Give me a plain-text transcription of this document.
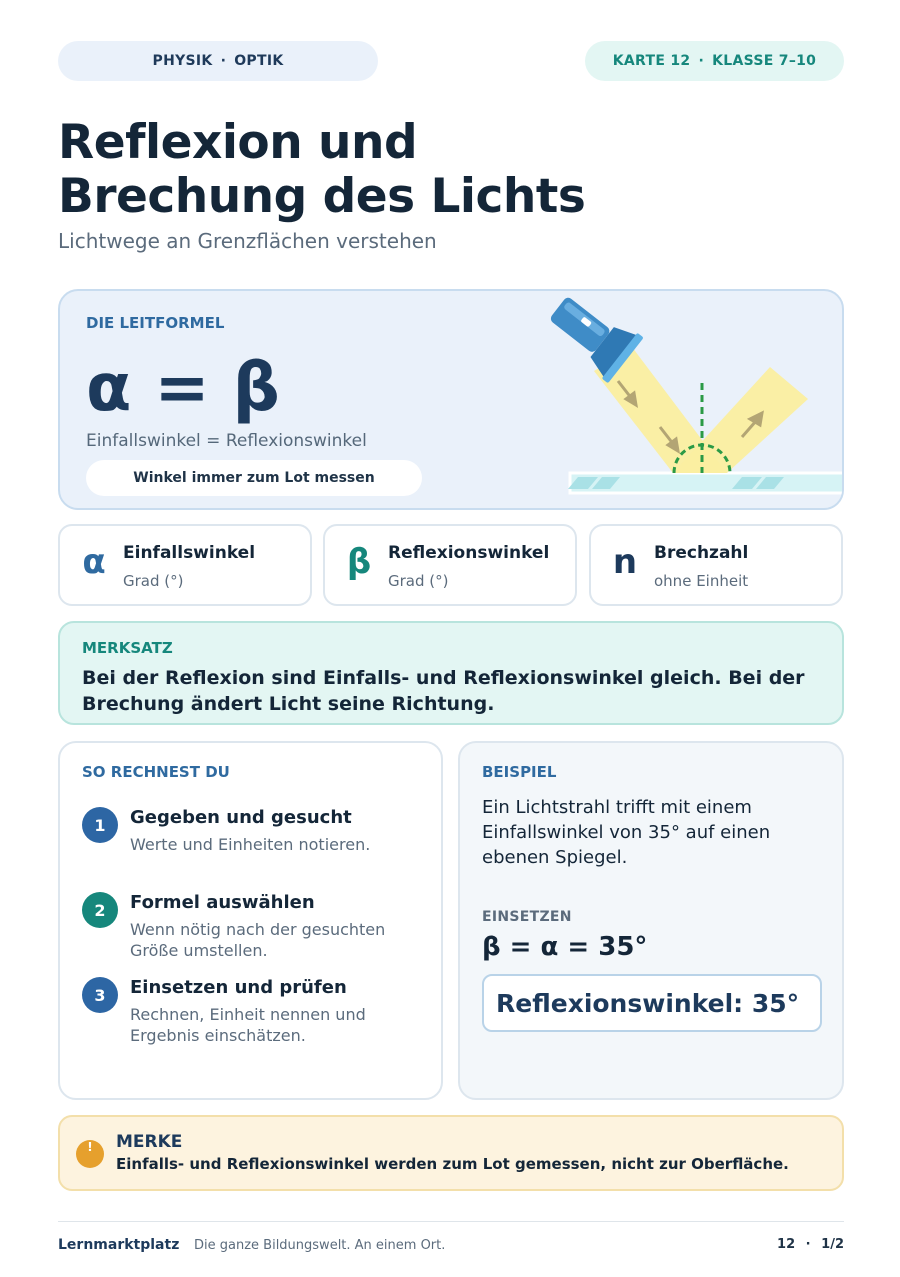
PHYSIK · OPTIK	KARTE 12 · KLASSE 7–10
Reflexion und
Brechung des Lichts
Lichtwege an Grenzflächen verstehen
DIE LEITFORMEL
α = β
Einfallswinkel = Reflexionswinkel
Winkel immer zum Lot messen
α	Einfallswinkel
Grad (°)	β Reflexionswinkel
Grad (°)	n Brechzahl
ohne Einheit
MERKSATZ
Bei der Reflexion sind Einfalls- und Reflexionswinkel gleich. Bei der Brechung ändert Licht seine Richtung.
SO RECHNEST DU
1	Gegeben und gesucht
Werte und Einheiten notieren.
2	Formel auswählen
Wenn nötig nach der gesuchten Größe umstellen.
3	Einsetzen und prüfen
Rechnen, Einheit nennen und Ergebnis einschätzen.
BEISPIEL
Ein Lichtstrahl trifft mit einem Einfallswinkel von 35° auf einen ebenen Spiegel.
EINSETZEN
β = α = 35°
Reflexionswinkel: 35°
!	MERKE
Einfalls- und Reflexionswinkel werden zum Lot gemessen, nicht zur Oberfläche.
Lernmarktplatz Die ganze Bildungswelt. An einem Ort.	12 · 1/2
